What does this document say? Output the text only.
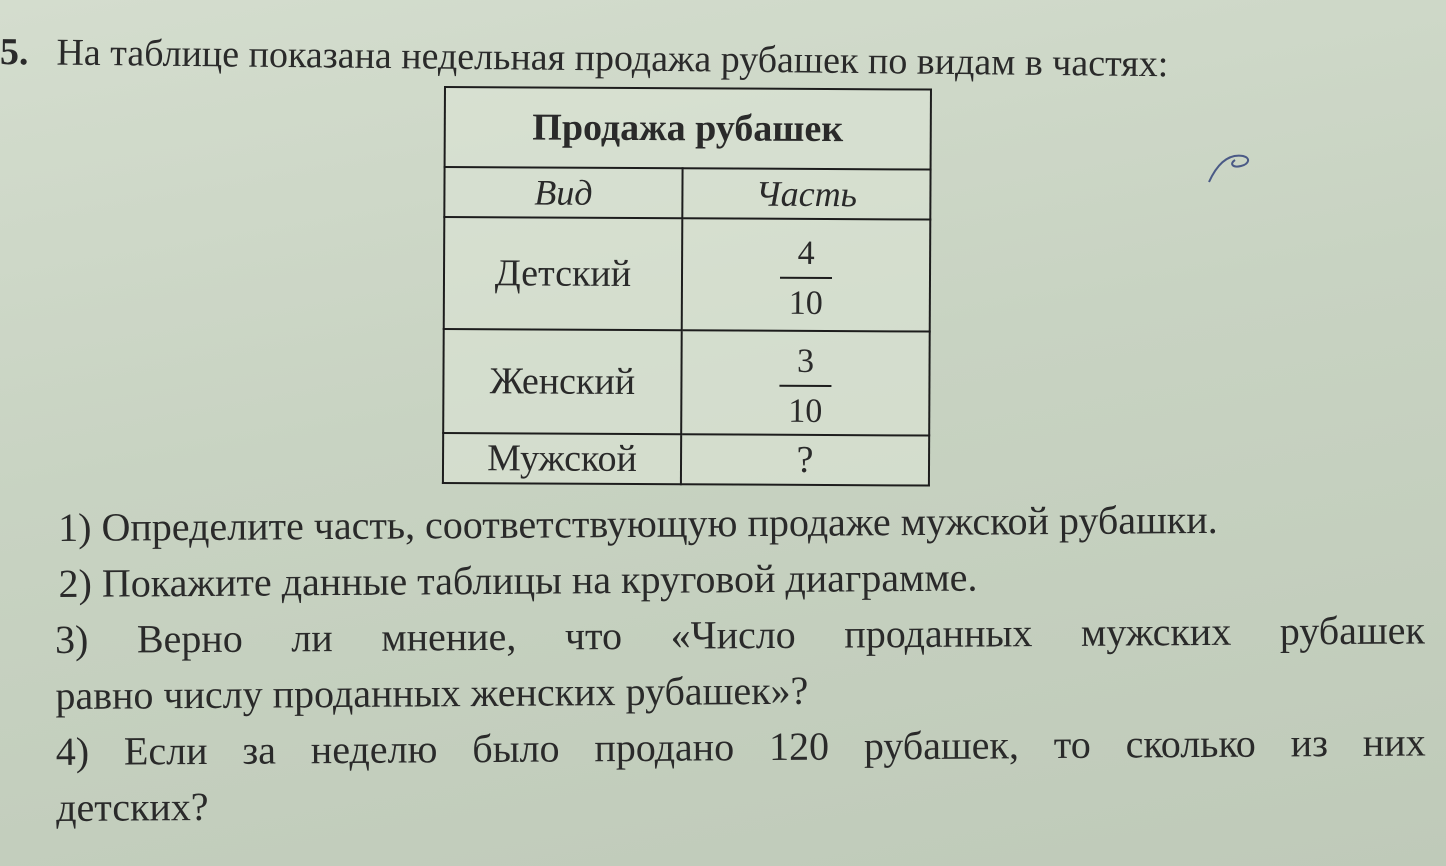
5. На таблице показана недельная продажа рубашек по видам в частях:
Продажа рубашек	
Вид	Часть
Детский	$\frac{4}{10}$

Женский	$\frac{3}{10}$

Мужской	?

1) Определите часть, соответствующую продаже мужской рубашки.

2) Покажите данные таблицы на круговой диаграмме.

3) Верно ли мнение, что «Число проданных мужских рубашек

равно числу проданных женских рубашек»?

4) Если за неделю было продано 120 рубашек, то сколько из них

детских?
